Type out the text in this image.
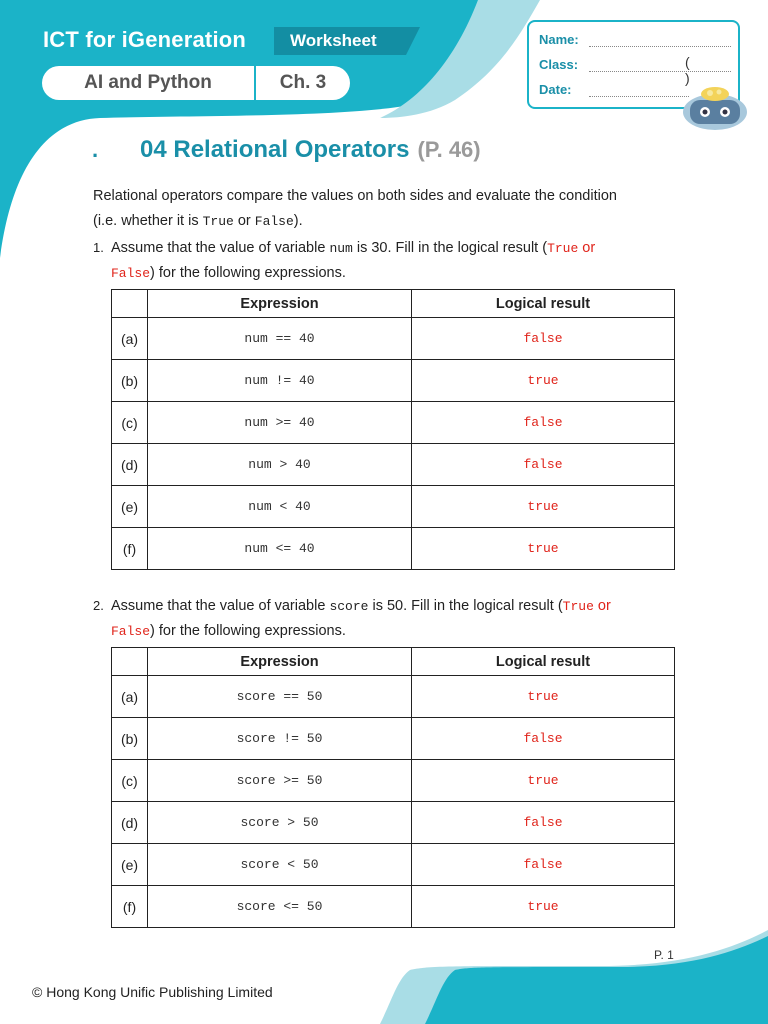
ICT for iGeneration	Worksheet
AI and Python	Ch. 3
Name:
Class:	( )
Date:
.	04 Relational Operators (P. 46)
Relational operators compare the values on both sides and evaluate the condition
(i.e. whether it is True or False).
1. Assume that the value of variable num is 30. Fill in the logical result (True or
False) for the following expressions.
	Expression	Logical result
(a)	num == 40	false
(b)	num != 40	true
(c)	num >= 40	false
(d)	num > 40	false
(e)	num < 40	true
(f)	num <= 40	true
2. Assume that the value of variable score is 50. Fill in the logical result (True or
False) for the following expressions.
	Expression	Logical result
(a)	score == 50	true
(b)	score != 50	false
(c)	score >= 50	true
(d)	score > 50	false
(e)	score < 50	false
(f)	score <= 50	true
P. 1
© Hong Kong Unific Publishing Limited
